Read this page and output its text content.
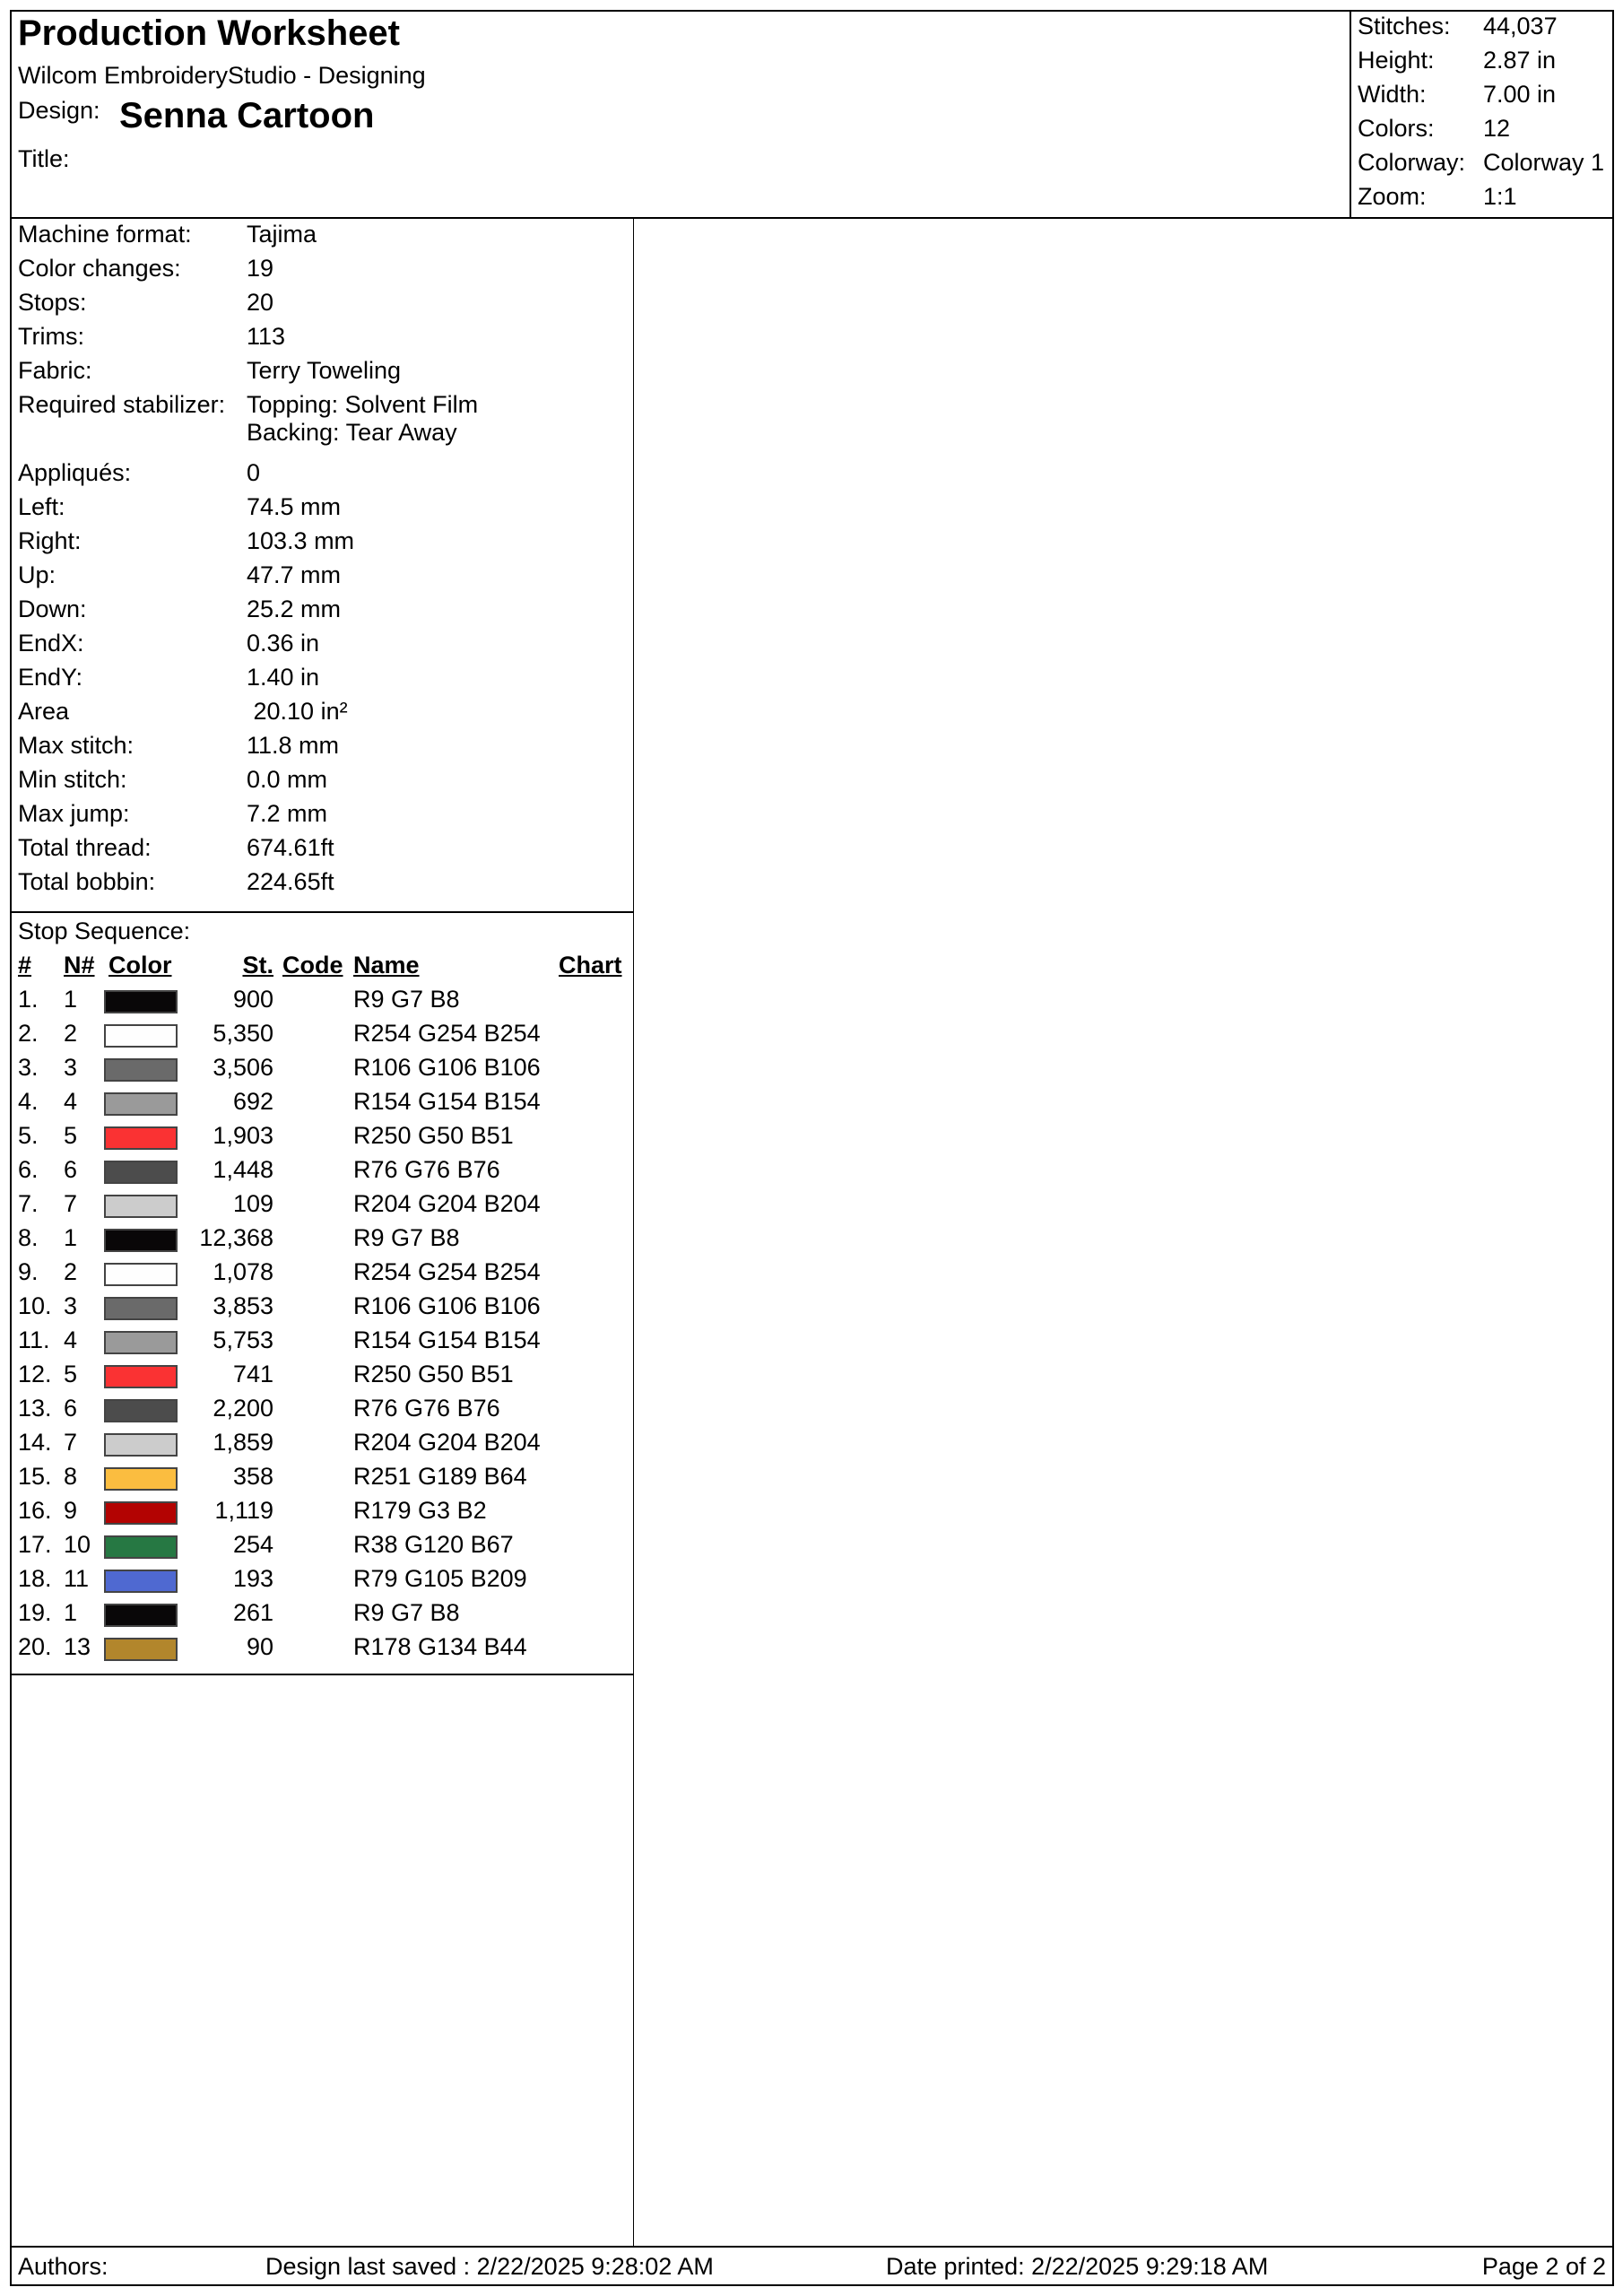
Production Worksheet
Wilcom EmbroideryStudio - Designing
Design: Senna Cartoon
Title:
Stitches: 44,037
Height: 2.87 in
Width: 7.00 in
Colors: 12
Colorway: Colorway 1
Zoom: 1:1
Machine format: Tajima
Color changes:	19
Stops:	20
Trims:	113
Fabric:	Terry Toweling
Required stabilizer: Topping: Solvent Film
Backing: Tear Away
Appliqués:	0
Left:	74.5 mm
Right:	103.3 mm
Up:	47.7 mm
Down:	25.2 mm
EndX:	0.36 in
EndY:	1.40 in
Area	20.10 in²
Max stitch:	11.8 mm
Min stitch:	0.0 mm
Max jump:	7.2 mm
Total thread:	674.61ft
Total bobbin:	224.65ft
Stop Sequence:
# N# Color	St. Code Name	Chart
1. 1	900	R9 G7 B8
2. 2	5,350	R254 G254 B254
3. 3	3,506	R106 G106 B106
4. 4	692	R154 G154 B154
5. 5	1,903	R250 G50 B51
6. 6	1,448	R76 G76 B76
7. 7	109	R204 G204 B204
8. 1	12,368	R9 G7 B8
9. 2	1,078	R254 G254 B254
10. 3	3,853	R106 G106 B106
11. 4	5,753	R154 G154 B154
12. 5	741	R250 G50 B51
13. 6	2,200	R76 G76 B76
14. 7	1,859	R204 G204 B204
15. 8	358	R251 G189 B64
16. 9	1,119	R179 G3 B2
17. 10	254	R38 G120 B67
18. 11	193	R79 G105 B209
19. 1	261	R9 G7 B8
20. 13	90	R178 G134 B44
Authors:	Design last saved : 2/22/2025 9:28:02 AM	Date printed: 2/22/2025 9:29:18 AM	Page 2 of 2
